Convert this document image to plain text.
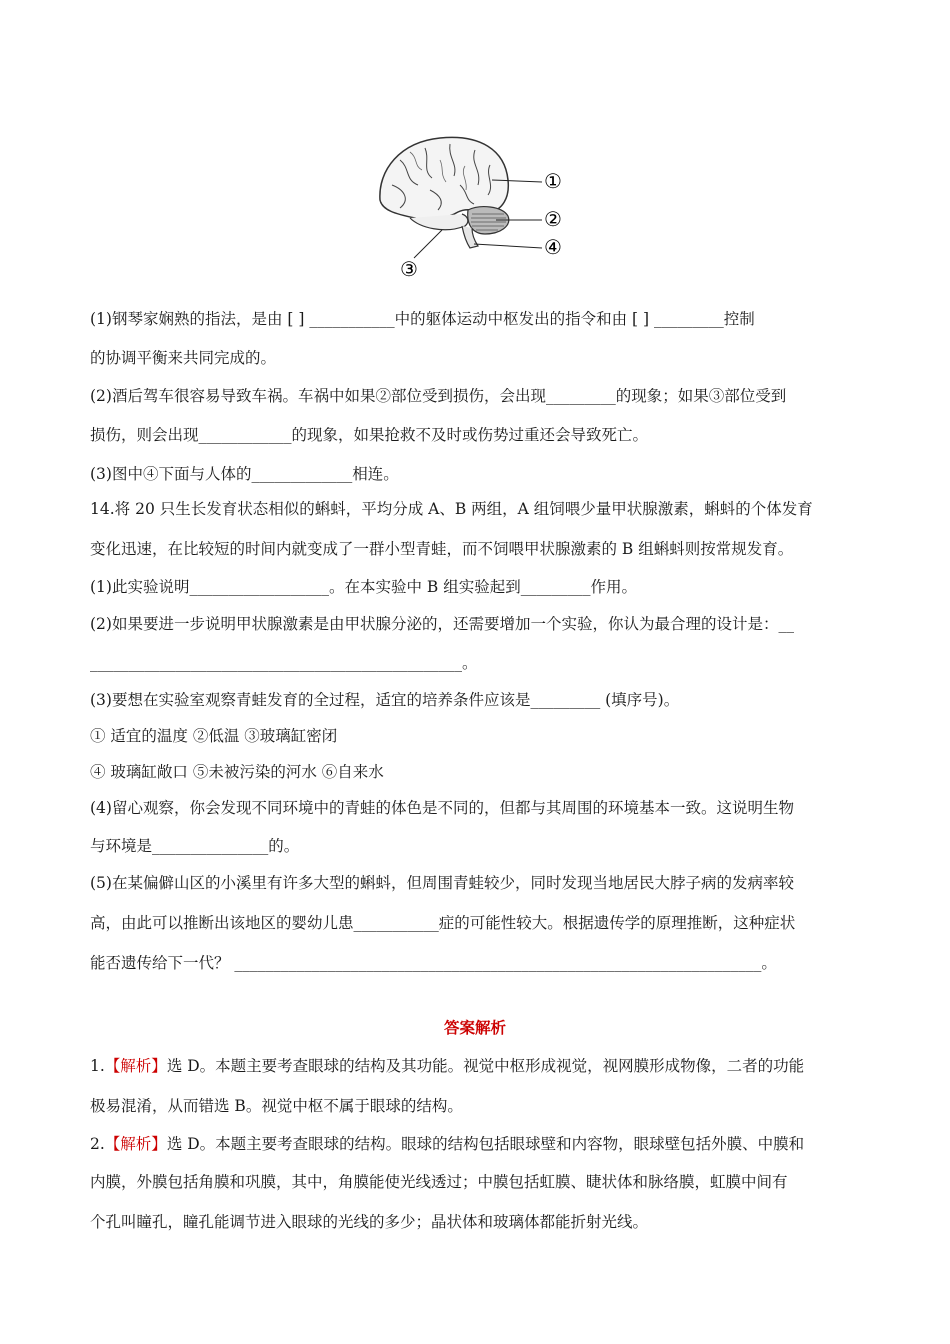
①
②
④
③
(1)钢琴家娴熟的指法，是由 [ ] ___________中的躯体运动中枢发出的指令和由 [ ] _________控制
的协调平衡来共同完成的。
(2)酒后驾车很容易导致车祸。车祸中如果②部位受到损伤，会出现_________的现象；如果③部位受到
损伤，则会出现____________的现象，如果抢救不及时或伤势过重还会导致死亡。
(3)图中④下面与人体的_____________相连。
14.将 20 只生长发育状态相似的蝌蚪，平均分成 A、B 两组，A 组饲喂少量甲状腺激素，蝌蚪的个体发育
变化迅速，在比较短的时间内就变成了一群小型青蛙，而不饲喂甲状腺激素的 B 组蝌蚪则按常规发育。
(1)此实验说明__________________。在本实验中 B 组实验起到_________作用。
(2)如果要进一步说明甲状腺激素是由甲状腺分泌的，还需要增加一个实验，你认为最合理的设计是：__
________________________________________________。
(3)要想在实验室观察青蛙发育的全过程，适宜的培养条件应该是_________ (填序号)。
① 适宜的温度 ②低温 ③玻璃缸密闭
④ 玻璃缸敞口 ⑤未被污染的河水 ⑥自来水
(4)留心观察，你会发现不同环境中的青蛙的体色是不同的，但都与其周围的环境基本一致。这说明生物
与环境是_______________的。
(5)在某偏僻山区的小溪里有许多大型的蝌蚪，但周围青蛙较少，同时发现当地居民大脖子病的发病率较
高，由此可以推断出该地区的婴幼儿患___________症的可能性较大。根据遗传学的原理推断，这种症状
能否遗传给下一代？ ____________________________________________________________________。
答案解析
1.【解析】选 D。本题主要考查眼球的结构及其功能。视觉中枢形成视觉，视网膜形成物像，二者的功能
极易混淆，从而错选 B。视觉中枢不属于眼球的结构。
2.【解析】选 D。本题主要考查眼球的结构。眼球的结构包括眼球壁和内容物，眼球壁包括外膜、中膜和
内膜，外膜包括角膜和巩膜，其中，角膜能使光线透过；中膜包括虹膜、睫状体和脉络膜，虹膜中间有
个孔叫瞳孔，瞳孔能调节进入眼球的光线的多少；晶状体和玻璃体都能折射光线。
